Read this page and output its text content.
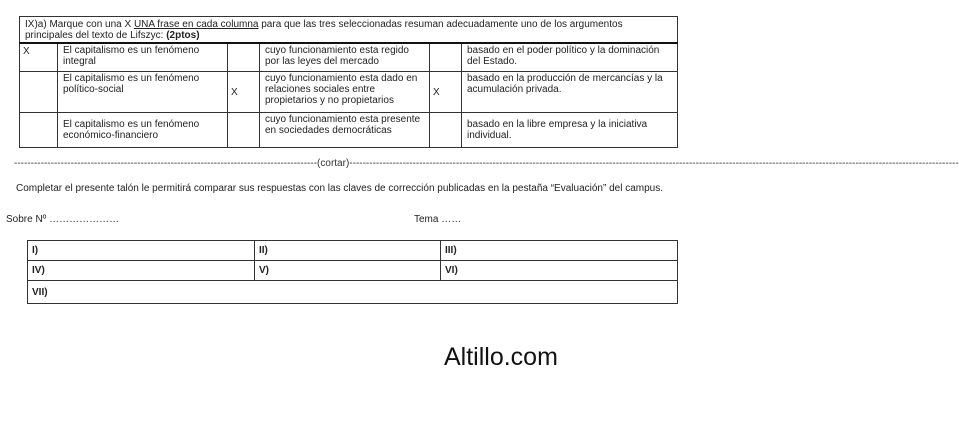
IX)a) Marque con una X UNA frase en cada columna para que las tres seleccionadas resuman adecuadamente uno de los argumentos principales del texto de Lifszyc: (2ptos)					
X	El capitalismo es un fenómeno integral		cuyo funcionamiento esta regido por las leyes del mercado		basado en el poder político y la dominación del Estado.
	El capitalismo es un fenómeno político-social	X	cuyo funcionamiento esta dado en relaciones sociales entre propietarios y no propietarios	X	basado en la producción de mercancías y la acumulación privada.
	El capitalismo es un fenómeno económico-financiero		cuyo funcionamiento esta presente en sociedades democráticas		basado en la libre empresa y la iniciativa individual.
-------------------------------------------------------------------------------------------(cortar)---------------------------------------------------------------------------------------------------------------------------------------------------------------------------------------
Completar el presente talón le permitirá comparar sus respuestas con las claves de corrección publicadas en la pestaña “Evaluación” del campus.
Sobre Nº …………………	Tema ……
I)	II)	III)
IV)	V)	VI)
VII)		
Altillo.com
